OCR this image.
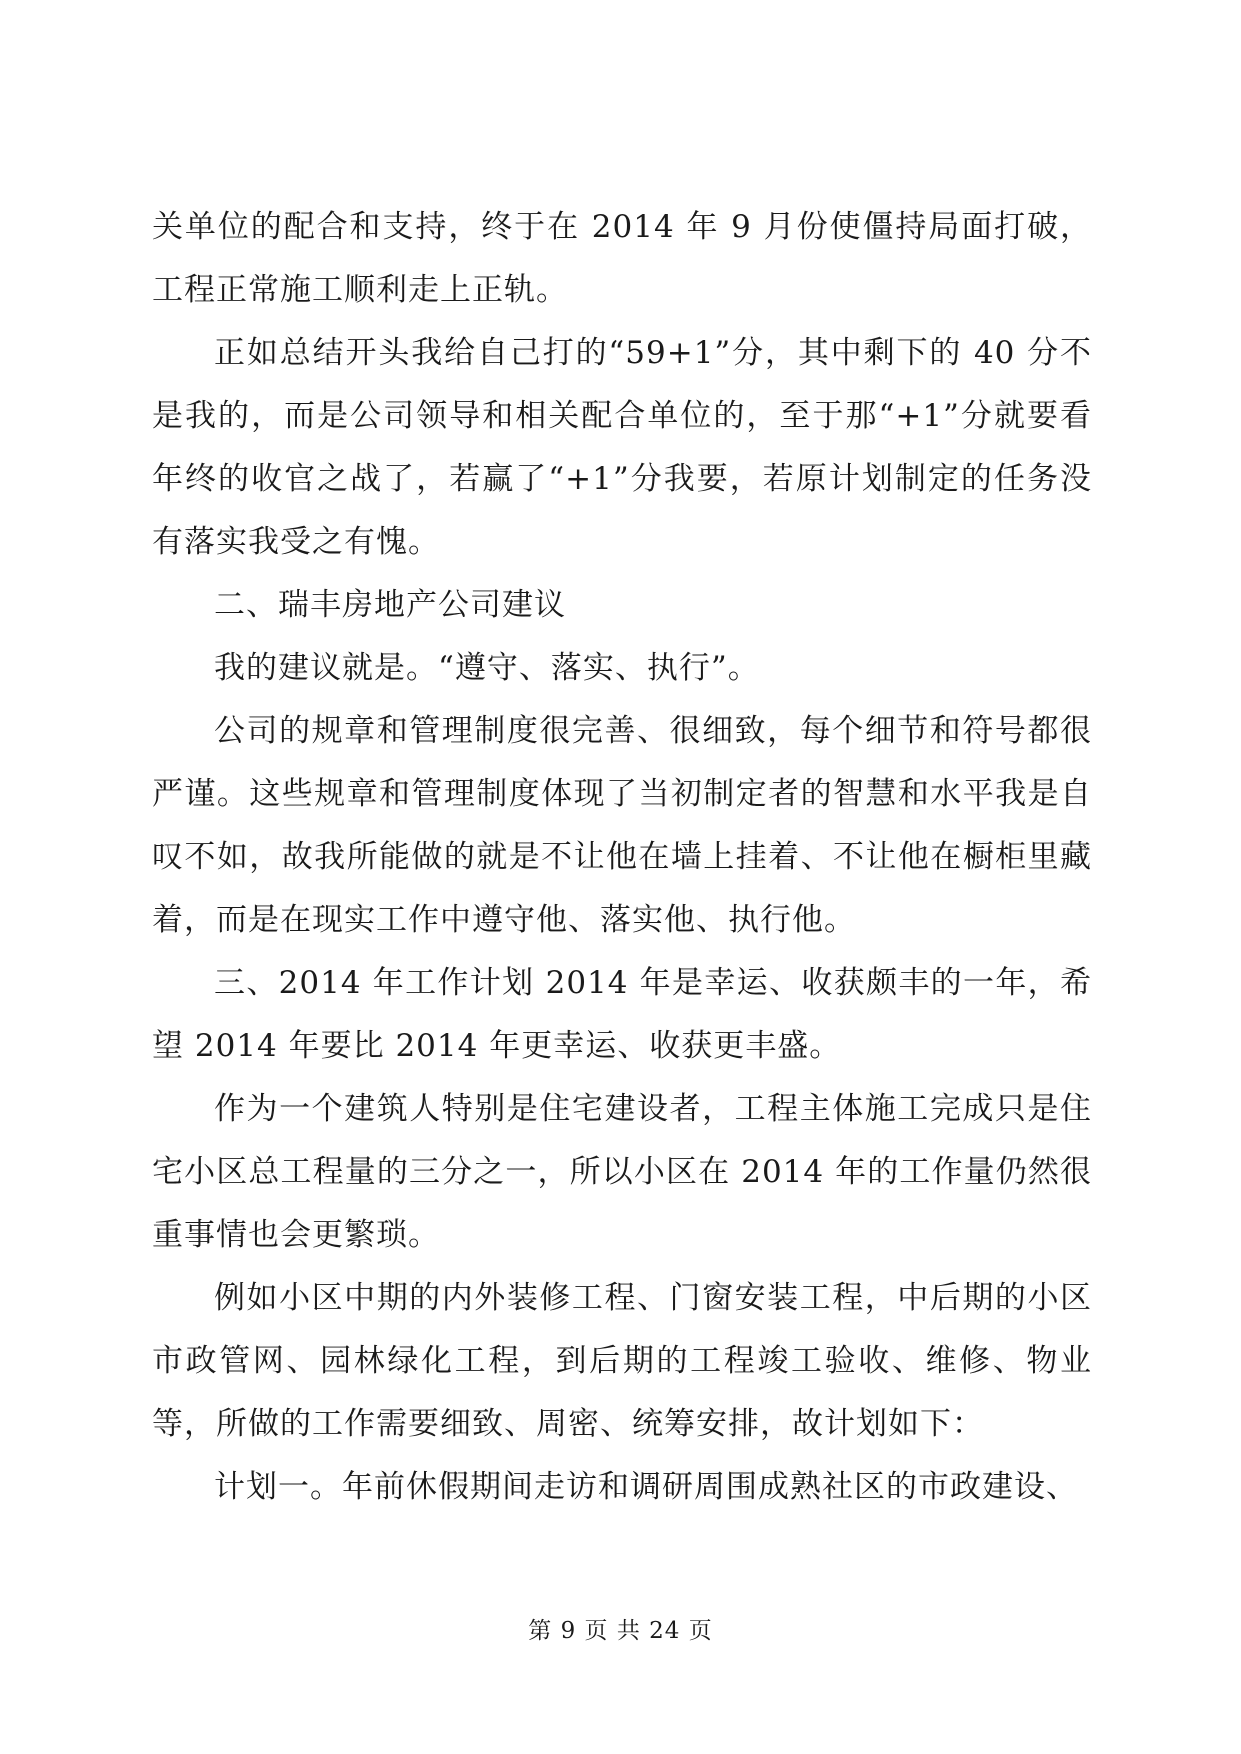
关单位的配合和支持，终于在 2014 年 9 月份使僵持局面打破，工程正常施工顺利走上正轨。

正如总结开头我给自己打的“59+1”分，其中剩下的 40 分不是我的，而是公司领导和相关配合单位的，至于那“+1”分就要看年终的收官之战了，若赢了“+1”分我要，若原计划制定的任务没有落实我受之有愧。

二、瑞丰房地产公司建议

我的建议就是。“遵守、落实、执行”。

公司的规章和管理制度很完善、很细致，每个细节和符号都很严谨。这些规章和管理制度体现了当初制定者的智慧和水平我是自叹不如，故我所能做的就是不让他在墙上挂着、不让他在橱柜里藏着，而是在现实工作中遵守他、落实他、执行他。

三、2014 年工作计划 2014 年是幸运、收获颇丰的一年，希望 2014 年要比 2014 年更幸运、收获更丰盛。

作为一个建筑人特别是住宅建设者，工程主体施工完成只是住宅小区总工程量的三分之一，所以小区在 2014 年的工作量仍然很重事情也会更繁琐。

例如小区中期的内外装修工程、门窗安装工程，中后期的小区市政管网、园林绿化工程，到后期的工程竣工验收、维修、物业等，所做的工作需要细致、周密、统筹安排，故计划如下：

计划一。年前休假期间走访和调研周围成熟社区的市政建设、

第 9 页 共 24 页
